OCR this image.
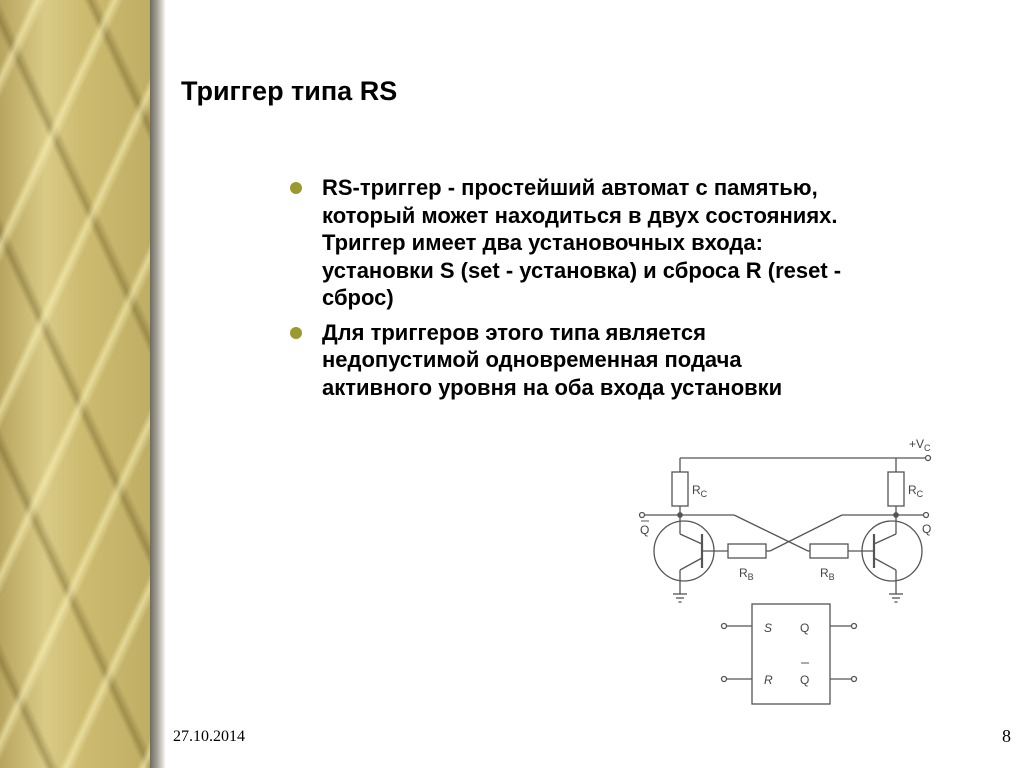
Триггер типа RS
RS-триггер - простейший автомат с памятью, который может находиться в двух состояниях. Триггер имеет два установочных входа: установки S (set - установка) и сброса R (reset - сброс)
Для триггеров этого типа является недопустимой одновременная подача активного уровня на оба входа установки
$+V_C$
$R_C$	$R_C$
$R_B$	$R_B$
Q	Q
S
R
Q
Q
27.10.2014	8
